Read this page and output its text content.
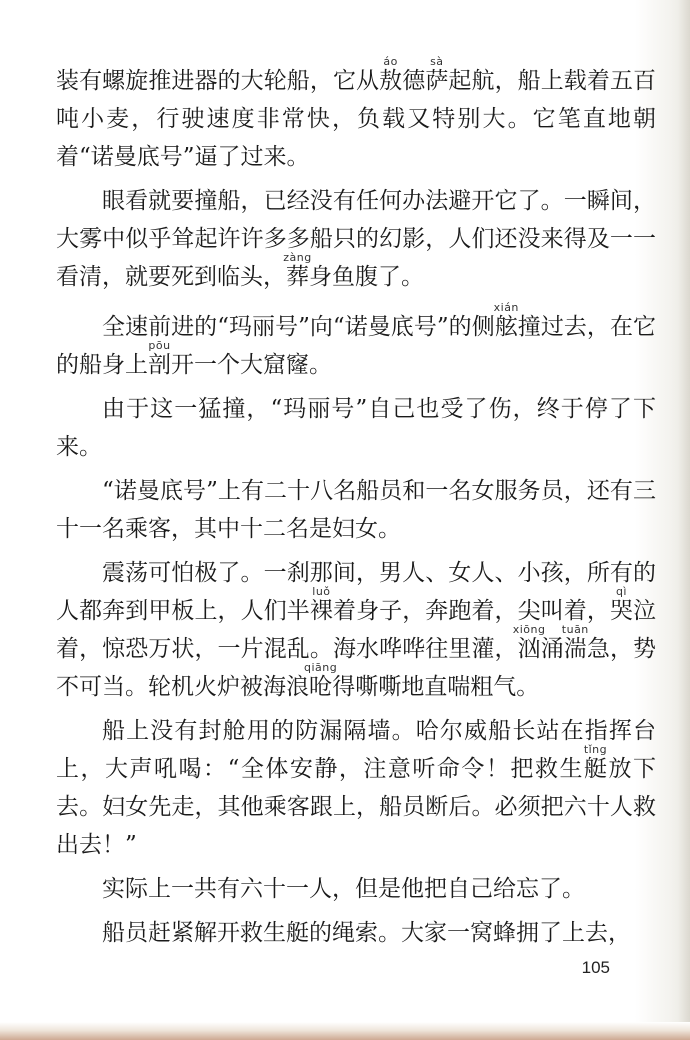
装有螺旋推进器的大轮船，它从敖áo德萨sà起航，船上载着五百吨小麦，行驶速度非常快，负载又特别大。它笔直地朝着“诺曼底号”逼了过来。

眼看就要撞船，已经没有任何办法避开它了。一瞬间，大雾中似乎耸起许许多多船只的幻影，人们还没来得及一一看清，就要死到临头，葬zàng身鱼腹了。

全速前进的“玛丽号”向“诺曼底号”的侧舷xián撞过去，在它的船身上剖pōu开一个大窟窿。

由于这一猛撞，“玛丽号”自己也受了伤，终于停了下来。

“诺曼底号”上有二十八名船员和一名女服务员，还有三十一名乘客，其中十二名是妇女。

震荡可怕极了。一刹那间，男人、女人、小孩，所有的人都奔到甲板上，人们半裸luǒ着身子，奔跑着，尖叫着，哭qì泣着，惊恐万状，一片混乱。海水哗哗往里灌，汹xiōng涌湍tuān急，势不可当。轮机火炉被海浪呛qiāng得嘶嘶地直喘粗气。

船上没有封舱用的防漏隔墙。哈尔威船长站在指挥台上，大声吼喝：“全体安静，注意听命令！把救生艇tǐng放下去。妇女先走，其他乘客跟上，船员断后。必须把六十人救出去！”

实际上一共有六十一人，但是他把自己给忘了。

船员赶紧解开救生艇的绳索。大家一窝蜂拥了上去，

105
